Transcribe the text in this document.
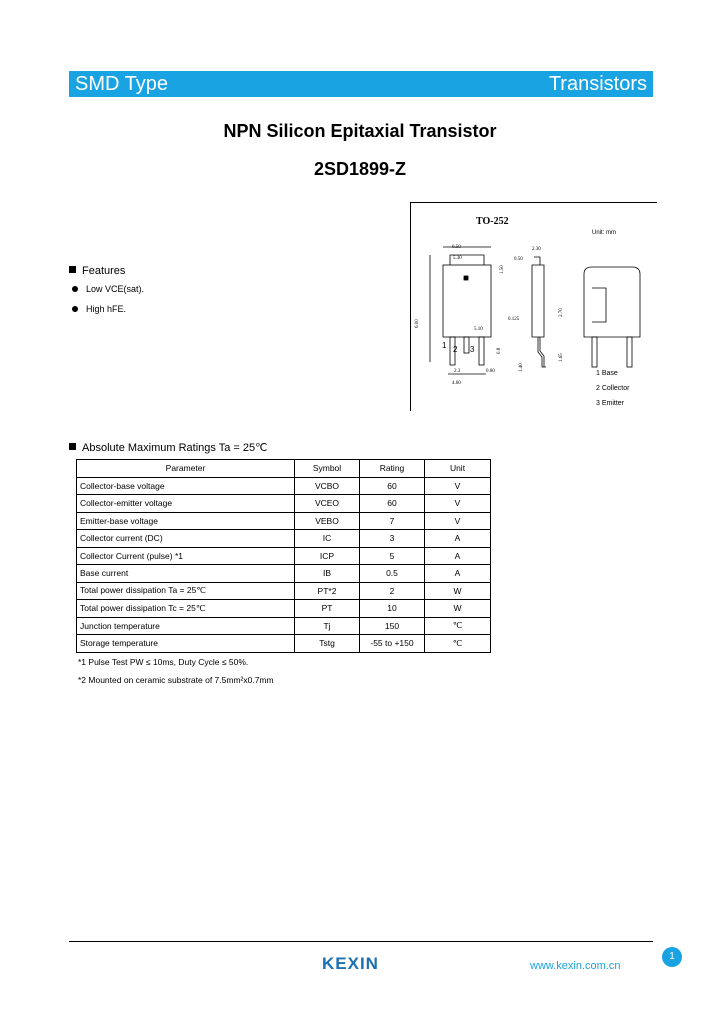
SMD Type	Transistors
NPN Silicon Epitaxial Transistor
2SD1899-Z
TO-252
Unit: mm
1 2 3
6.50
5.30
2.30
0.50
5.10
0.125
2.3	0.60
4.60
6.00
1.50
0.8
1.40
2.70
1.65
1 Base
2 Collector
3 Emitter
Features
Low VCE(sat).
High hFE.
Absolute Maximum Ratings Ta = 25℃
Parameter	Symbol	Rating	Unit
Collector-base voltage	VCBO	60	V
Collector-emitter voltage	VCEO	60	V
Emitter-base voltage	VEBO	7	V
Collector current (DC)	IC	3	A
Collector Current (pulse) *1	ICP	5	A
Base current	IB	0.5	A
Total power dissipation Ta = 25℃	PT*2	2	W
Total power dissipation Tc = 25℃	PT	10	W
Junction temperature	Tj	150	℃
Storage temperature	Tstg	-55 to +150	℃
*1 Pulse Test PW ≤ 10ms, Duty Cycle ≤ 50%.
*2 Mounted on ceramic substrate of 7.5mm²x0.7mm
KEXIN	www.kexin.com.cn
1
